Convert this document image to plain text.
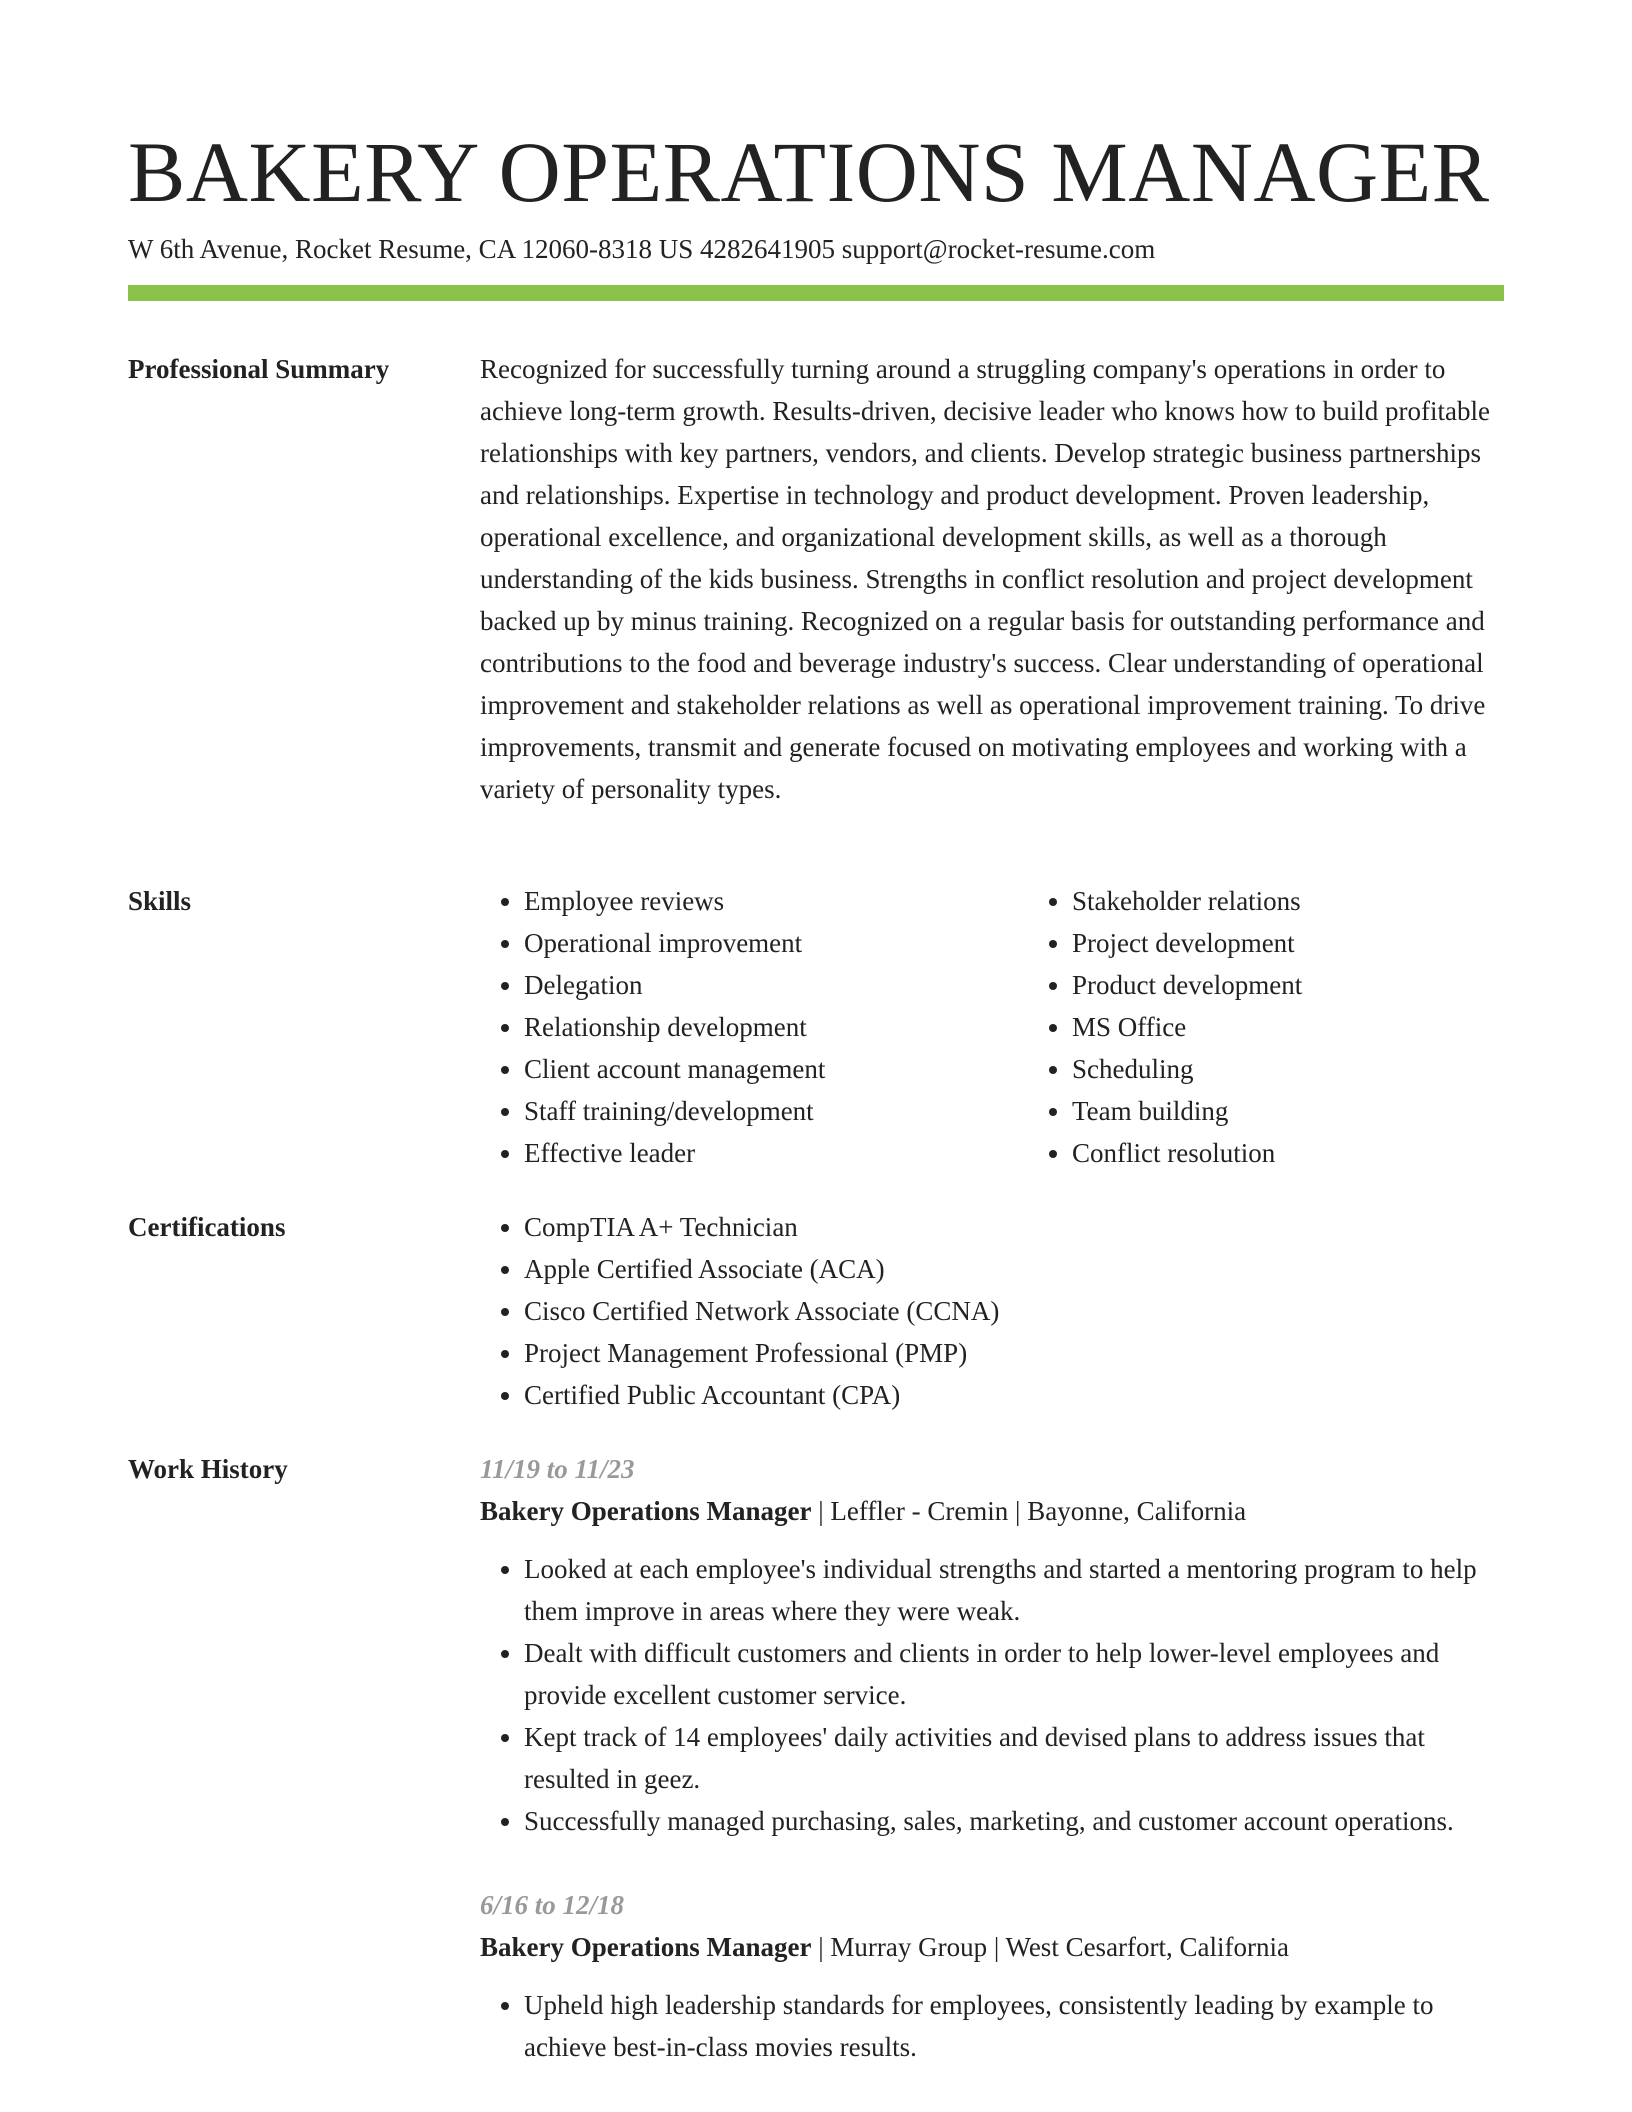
BAKERY OPERATIONS MANAGER
W 6th Avenue, Rocket Resume, CA 12060-8318 US 4282641905 support@rocket-resume.com
Professional Summary	Recognized for successfully turning around a struggling company's operations in order to achieve long-term growth. Results-driven, decisive leader who knows how to build profitable relationships with key partners, vendors, and clients. Develop strategic business partnerships and relationships. Expertise in technology and product development. Proven leadership, operational excellence, and organizational development skills, as well as a thorough understanding of the kids business. Strengths in conflict resolution and project development backed up by minus training. Recognized on a regular basis for outstanding performance and contributions to the food and beverage industry's success. Clear understanding of operational improvement and stakeholder relations as well as operational improvement training. To drive improvements, transmit and generate focused on motivating employees and working with a variety of personality types.

Skills	• Employee reviews
• Operational improvement
• Delegation
• Relationship development
• Client account management
• Staff training/development
• Effective leader
• Stakeholder relations
• Project development
• Product development
• MS Office
• Scheduling
• Team building
• Conflict resolution
Certifications	• CompTIA A+ Technician
• Apple Certified Associate (ACA)
• Cisco Certified Network Associate (CCNA)
• Project Management Professional (PMP)
• Certified Public Accountant (CPA)
Work History	11/19 to 11/23
Bakery Operations Manager | Leffler - Cremin | Bayonne, California
• Looked at each employee's individual strengths and started a mentoring program to help them improve in areas where they were weak.
• Dealt with difficult customers and clients in order to help lower-level employees and provide excellent customer service.
• Kept track of 14 employees' daily activities and devised plans to address issues that resulted in geez.
• Successfully managed purchasing, sales, marketing, and customer account operations.
6/16 to 12/18
Bakery Operations Manager | Murray Group | West Cesarfort, California
• Upheld high leadership standards for employees, consistently leading by example to achieve best-in-class movies results.
